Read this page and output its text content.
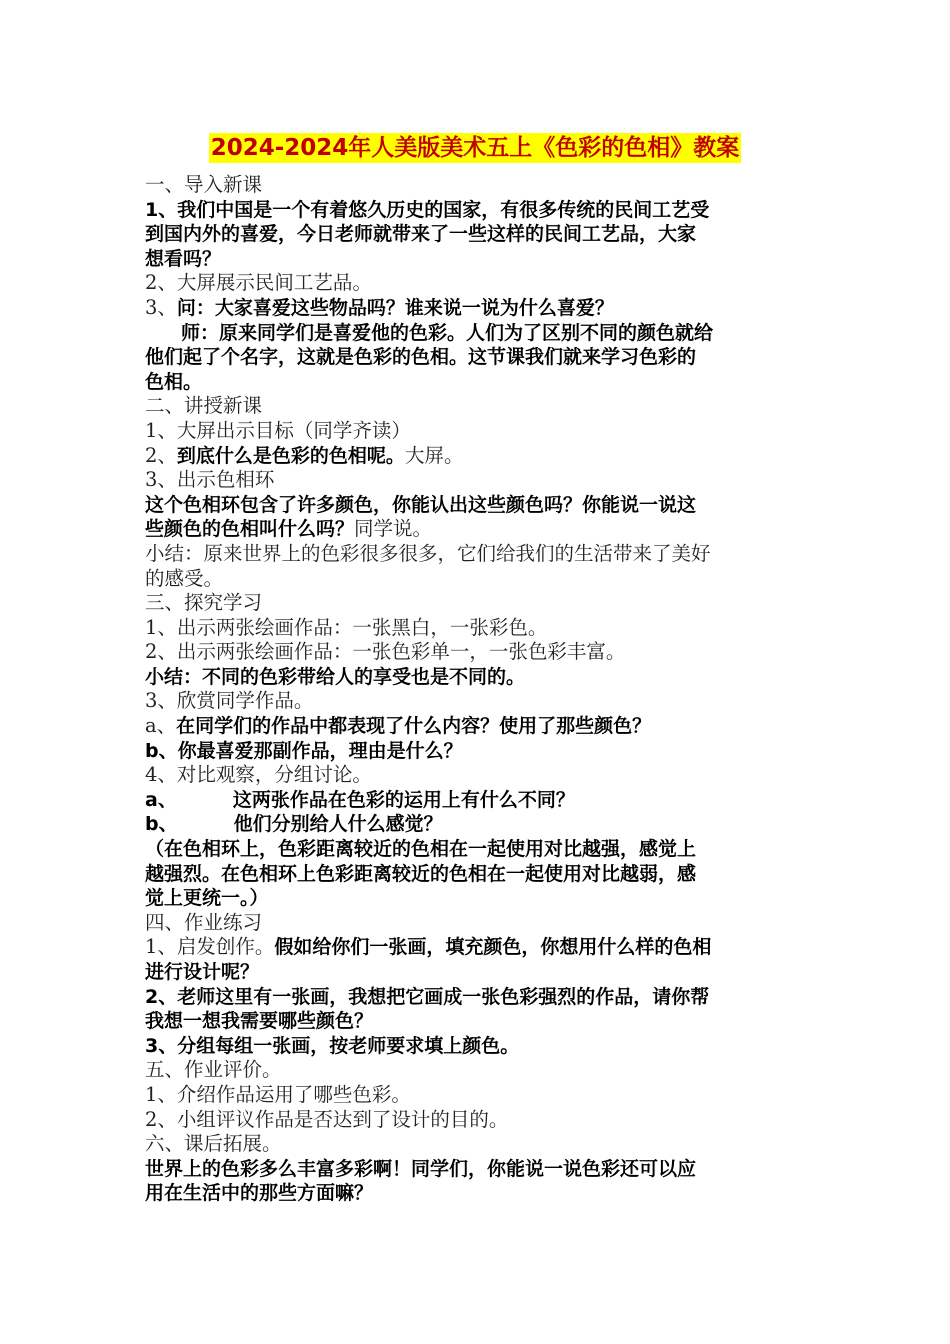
2024-2024年人美版美术五上《色彩的色相》教案

一、导入新课

1、我们中国是一个有着悠久历史的国家，有很多传统的民间工艺受

到国内外的喜爱，今日老师就带来了一些这样的民间工艺品，大家

想看吗？

2、大屏展示民间工艺品。

3、问：大家喜爱这些物品吗？谁来说一说为什么喜爱？

师：原来同学们是喜爱他的色彩。人们为了区别不同的颜色就给

他们起了个名字，这就是色彩的色相。这节课我们就来学习色彩的

色相。

二、讲授新课

1、大屏出示目标（同学齐读）

2、到底什么是色彩的色相呢。大屏。

3、出示色相环

这个色相环包含了许多颜色，你能认出这些颜色吗？你能说一说这

些颜色的色相叫什么吗？同学说。

小结：原来世界上的色彩很多很多，它们给我们的生活带来了美好

的感受。

三、探究学习

1、出示两张绘画作品：一张黑白，一张彩色。

2、出示两张绘画作品：一张色彩单一，一张色彩丰富。

小结：不同的色彩带给人的享受也是不同的。

3、欣赏同学作品。

a、在同学们的作品中都表现了什么内容？使用了那些颜色？

b、你最喜爱那副作品，理由是什么？

4、对比观察，分组讨论。

a、	这两张作品在色彩的运用上有什么不同？

b、	他们分别给人什么感觉？

（在色相环上，色彩距离较近的色相在一起使用对比越强，感觉上

越强烈。在色相环上色彩距离较近的色相在一起使用对比越弱，感

觉上更统一。）

四、作业练习

1、启发创作。假如给你们一张画，填充颜色，你想用什么样的色相

进行设计呢？

2、老师这里有一张画，我想把它画成一张色彩强烈的作品，请你帮

我想一想我需要哪些颜色？

3、分组每组一张画，按老师要求填上颜色。

五、作业评价。

1、介绍作品运用了哪些色彩。

2、小组评议作品是否达到了设计的目的。

六、课后拓展。

世界上的色彩多么丰富多彩啊！同学们，你能说一说色彩还可以应

用在生活中的那些方面嘛？
